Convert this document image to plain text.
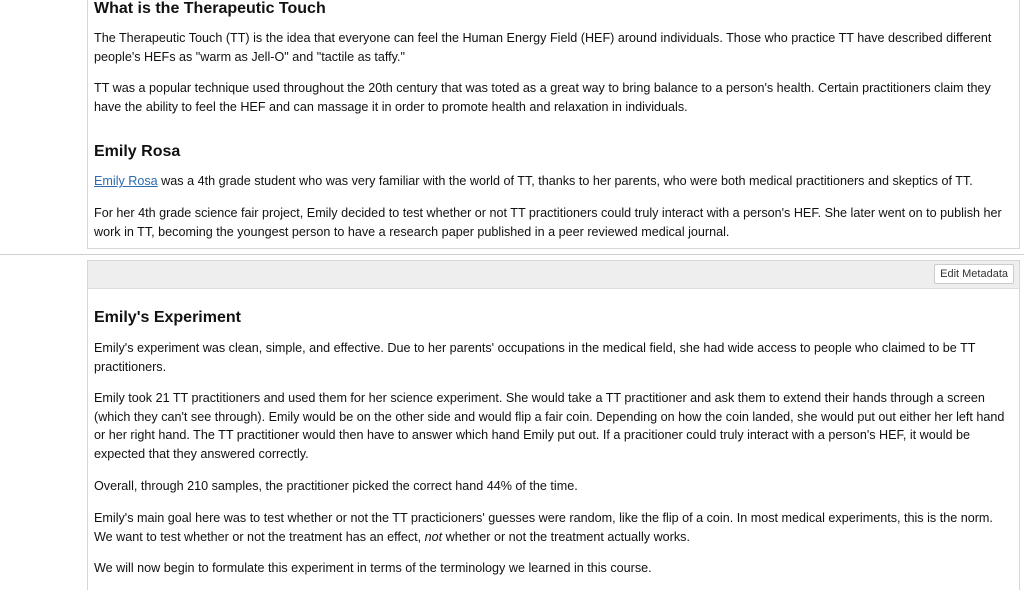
What is the Therapeutic Touch

The Therapeutic Touch (TT) is the idea that everyone can feel the Human Energy Field (HEF) around individuals. Those who practice TT have described different people's HEFs as "warm as Jell-O" and "tactile as taffy."

TT was a popular technique used throughout the 20th century that was toted as a great way to bring balance to a person's health. Certain practitioners claim they have the ability to feel the HEF and can massage it in order to promote health and relaxation in individuals.

Emily Rosa

Emily Rosa was a 4th grade student who was very familiar with the world of TT, thanks to her parents, who were both medical practitioners and skeptics of TT.

For her 4th grade science fair project, Emily decided to test whether or not TT practitioners could truly interact with a person's HEF. She later went on to publish her work in TT, becoming the youngest person to have a research paper published in a peer reviewed medical journal.

Edit Metadata
Emily's Experiment

Emily's experiment was clean, simple, and effective. Due to her parents' occupations in the medical field, she had wide access to people who claimed to be TT practitioners.

Emily took 21 TT practitioners and used them for her science experiment. She would take a TT practitioner and ask them to extend their hands through a screen (which they can't see through). Emily would be on the other side and would flip a fair coin. Depending on how the coin landed, she would put out either her left hand or her right hand. The TT practitioner would then have to answer which hand Emily put out. If a pracitioner could truly interact with a person's HEF, it would be expected that they answered correctly.

Overall, through 210 samples, the practitioner picked the correct hand 44% of the time.

Emily's main goal here was to test whether or not the TT practicioners' guesses were random, like the flip of a coin. In most medical experiments, this is the norm. We want to test whether or not the treatment has an effect, not whether or not the treatment actually works.

We will now begin to formulate this experiment in terms of the terminology we learned in this course.
